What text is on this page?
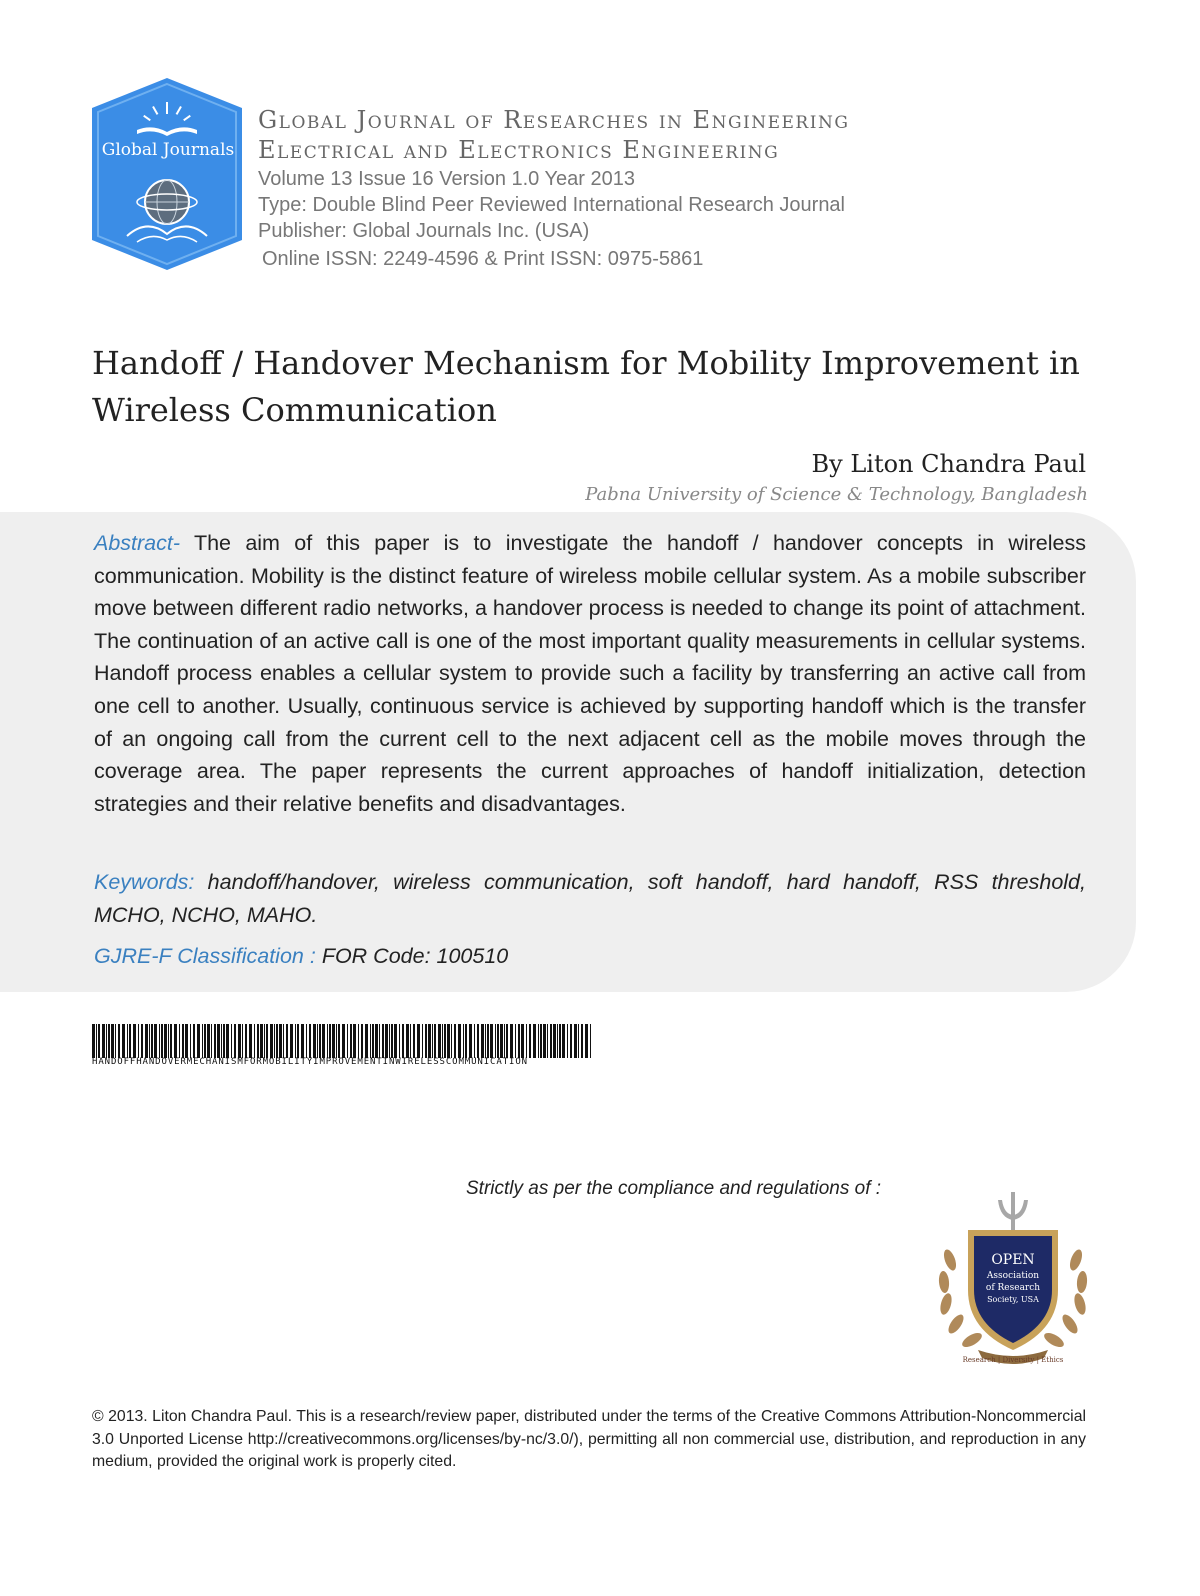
Global Journals
Global Journal of Researches in Engineering
Electrical and Electronics Engineering
Volume 13 Issue 16 Version 1.0 Year 2013
Type: Double Blind Peer Reviewed International Research Journal
Publisher: Global Journals Inc. (USA)
Online ISSN: 2249-4596 & Print ISSN: 0975-5861
Handoff / Handover Mechanism for Mobility Improvement in Wireless Communication
By Liton Chandra Paul
Pabna University of Science & Technology, Bangladesh
Abstract- The aim of this paper is to investigate the handoff / handover concepts in wireless communication. Mobility is the distinct feature of wireless mobile cellular system. As a mobile subscriber move between different radio networks, a handover process is needed to change its point of attachment. The continuation of an active call is one of the most important quality measurements in cellular systems. Handoff process enables a cellular system to provide such a facility by transferring an active call from one cell to another. Usually, continuous service is achieved by supporting handoff which is the transfer of an ongoing call from the current cell to the next adjacent cell as the mobile moves through the coverage area. The paper represents the current approaches of handoff initialization, detection strategies and their relative benefits and disadvantages.
Keywords: handoff/handover, wireless communication, soft handoff, hard handoff, RSS threshold, MCHO, NCHO, MAHO.
GJRE-F Classification : FOR Code: 100510
HANDOFFHANDOVERMECHANISMFORMOBILITYIMPROVEMENTINWIRELESSCOMMUNICATION
Strictly as per the compliance and regulations of :
OPEN
Association
of Research
Society, USA
Research | Diversity | Ethics
© 2013. Liton Chandra Paul. This is a research/review paper, distributed under the terms of the Creative Commons Attribution-Noncommercial 3.0 Unported License http://creativecommons.org/licenses/by-nc/3.0/), permitting all non commercial use, distribution, and reproduction in any medium, provided the original work is properly cited.
